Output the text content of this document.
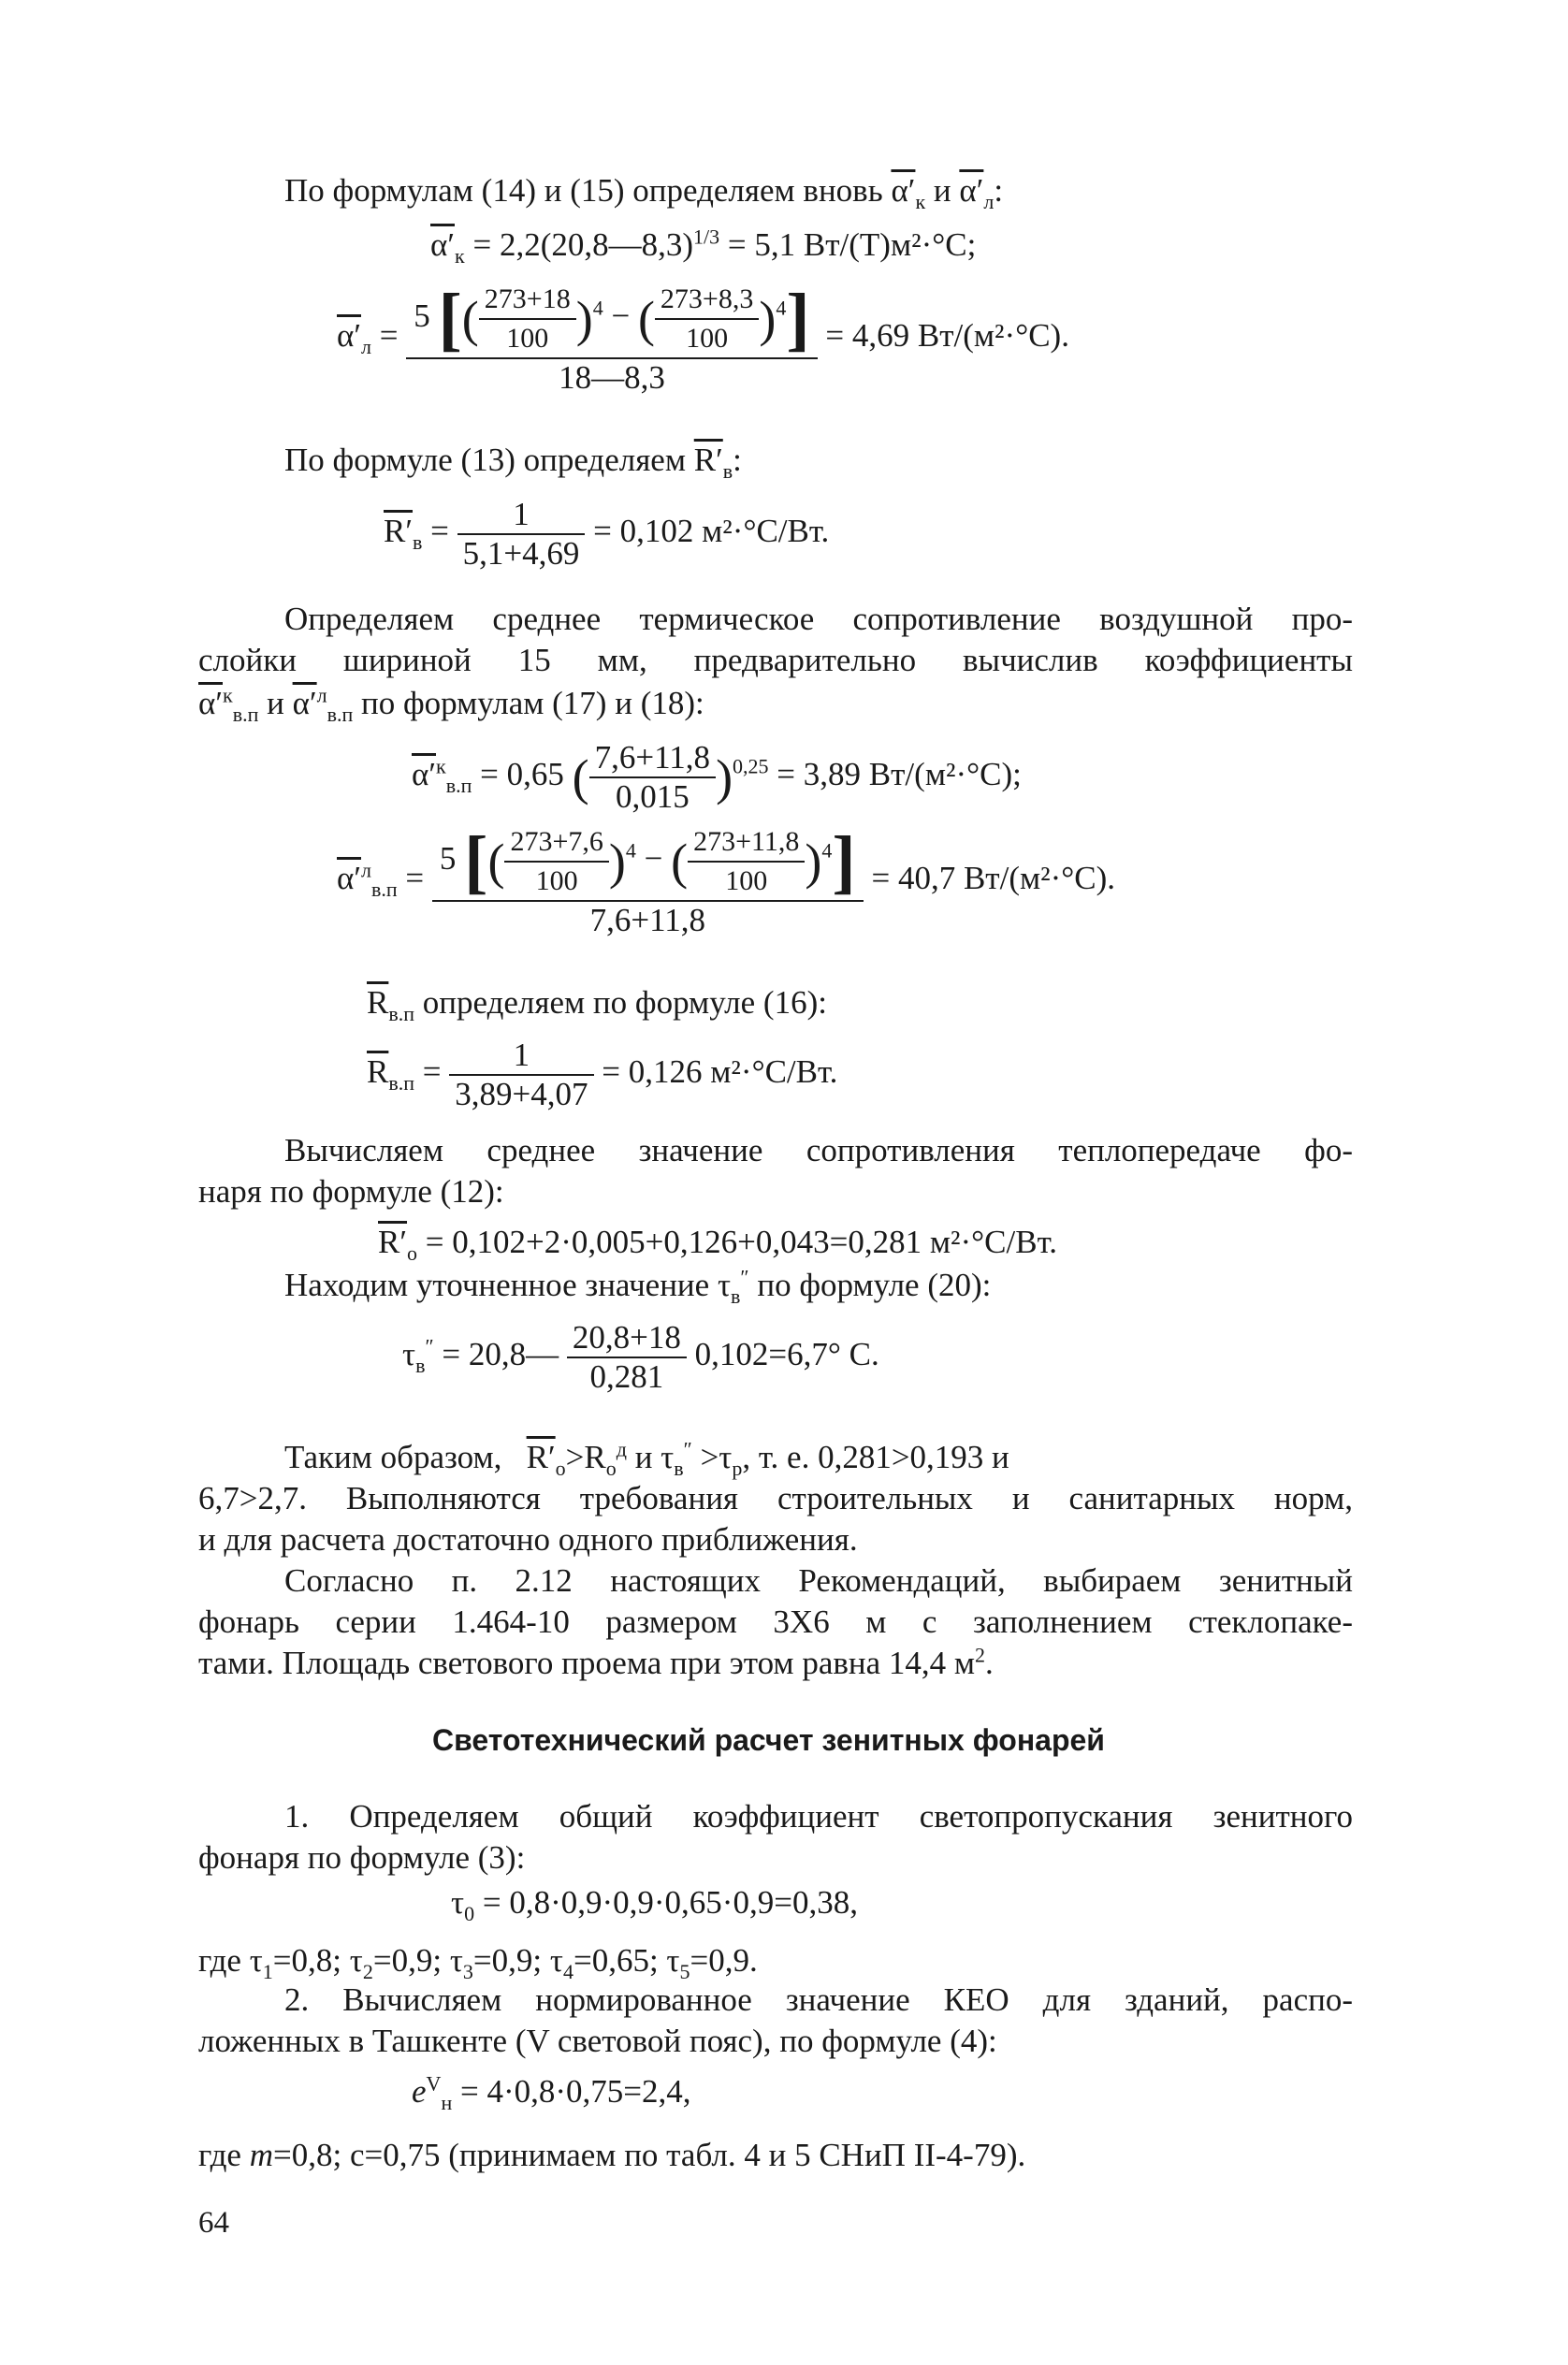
По формулам (14) и (15) определяем вновь $\alpha'_к$ и $\alpha'_л$:
$\alpha'_к$ = 2,2(20,8—8,3)$^{1/3}$ = 5,1 Вт/(Т)м²·°С;
$\alpha'_л = \frac{5 [( \frac{273+18}{100} )^4 - ( \frac{273+8,3}{100} )^4]}{18—8,3} = 4,69$ Вт/(м²·°С).
По формуле (13) определяем $R'_в$:
$R'_в = \frac{1}{5,1+4,69} = 0,102$ м²·°С/Вт.
Определяем среднее термическое сопротивление воздушной про-
слойки шириной 15 мм, предварительно вычислив коэффициенты
$\alpha'^к_{в.п}$ и $\alpha'^л_{в.п}$ по формулам (17) и (18):
$\alpha'^к_{в.п} = 0,65$ ( $\frac{7,6+11,8}{0,015} )^{0,25} = 3,89$ Вт/(м²·°С);
$\alpha'^л_{в.п} = \frac{5 [( \frac{273+7,6}{100} )^4 - ( \frac{273+11,8}{100} )^4]}{7,6+11,8} = 40,7$ Вт/(м²·°С).
$\overline{R}_{в.п}$ определяем по формуле (16):
$\overline{R}_{в.п} = \frac{1}{3,89+4,07} = 0,126$ м²·°С/Вт.
Вычисляем среднее значение сопротивления теплопередаче фо-
наря по формуле (12):
$R'_o = 0,102+2\cdot 0,005+0,126+0,043=0,281$ м²·°С/Вт.
Находим уточненное значение $\tau_в''$ по формуле (20):
$\tau_в''$ = 20,8— $\frac{20,8+18}{0,281} 0,102=6,7^\circ$ С.
Таким образом, $R'_o>R_o^д$ и $\tau_в'' >\tau_р$, т. е. 0,281>0,193 и
6,7>2,7. Выполняются требования строительных и санитарных норм,
и для расчета достаточно одного приближения.
Согласно п. 2.12 настоящих Рекомендаций, выбираем зенитный
фонарь серии 1.464-10 размером 3Х6 м с заполнением стеклопаке-
тами. Площадь светового проема при этом равна 14,4 $м^2$.
Светотехнический расчет зенитных фонарей
1. Определяем общий коэффициент светопропускания зенитного
фонаря по формуле (3):
$\tau_0 = 0,8\cdot 0,9\cdot 0,9\cdot 0,65\cdot 0,9=0,38$,
где $\tau_1=0,8$; $\tau_2=0,9$; $\tau_3=0,9$; $\tau_4=0,65$; $\tau_5=0,9$.
2. Вычисляем нормированное значение КЕО для зданий, распо-
ложенных в Ташкенте (V световой пояс), по формуле (4):
$e^V_н = 4\cdot 0,8\cdot 0,75=2,4$,
где m=0,8; с=0,75 (принимаем по табл. 4 и 5 СНиП II-4-79).
64
